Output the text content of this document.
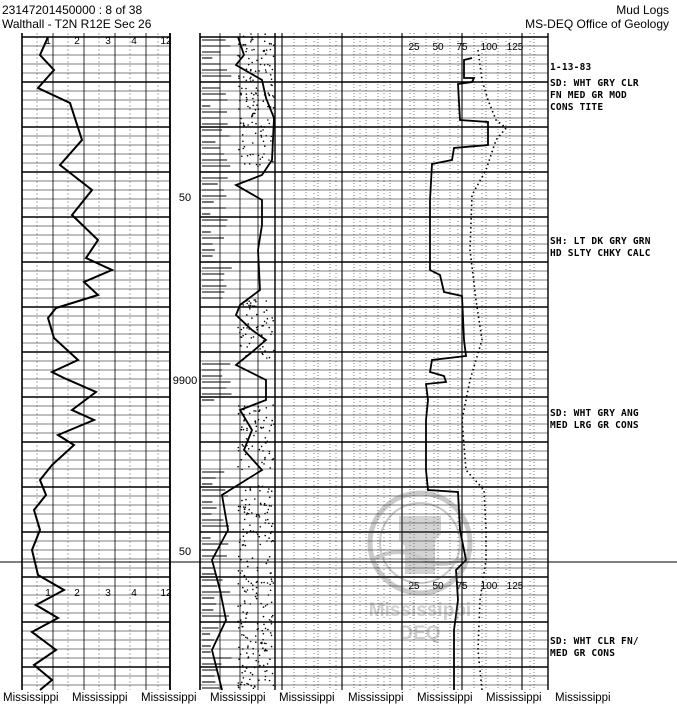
23147201450000 : 8 of 38
Walthall - T2N R12E Sec 26
Mud Logs
MS-DEQ Office of Geology
1 2	3 4 12
1 2	3 4 12
25 50 75 100 125
25 50 75 100 125
50
9900
50
SD: WHT GRY CLR
FN MED GR MOD
CONS TITE
SH: LT DK GRY GRN
HD SLTY CHKY CALC
SD: WHT GRY ANG
MED LRG GR CONS
SD: WHT CLR FN/
MED GR CONS
1-13-83
Mississippi
DEQ
Mississippi Mississippi Mississippi Mississippi Mississippi Mississippi Mississippi Mississippi Mississippi
